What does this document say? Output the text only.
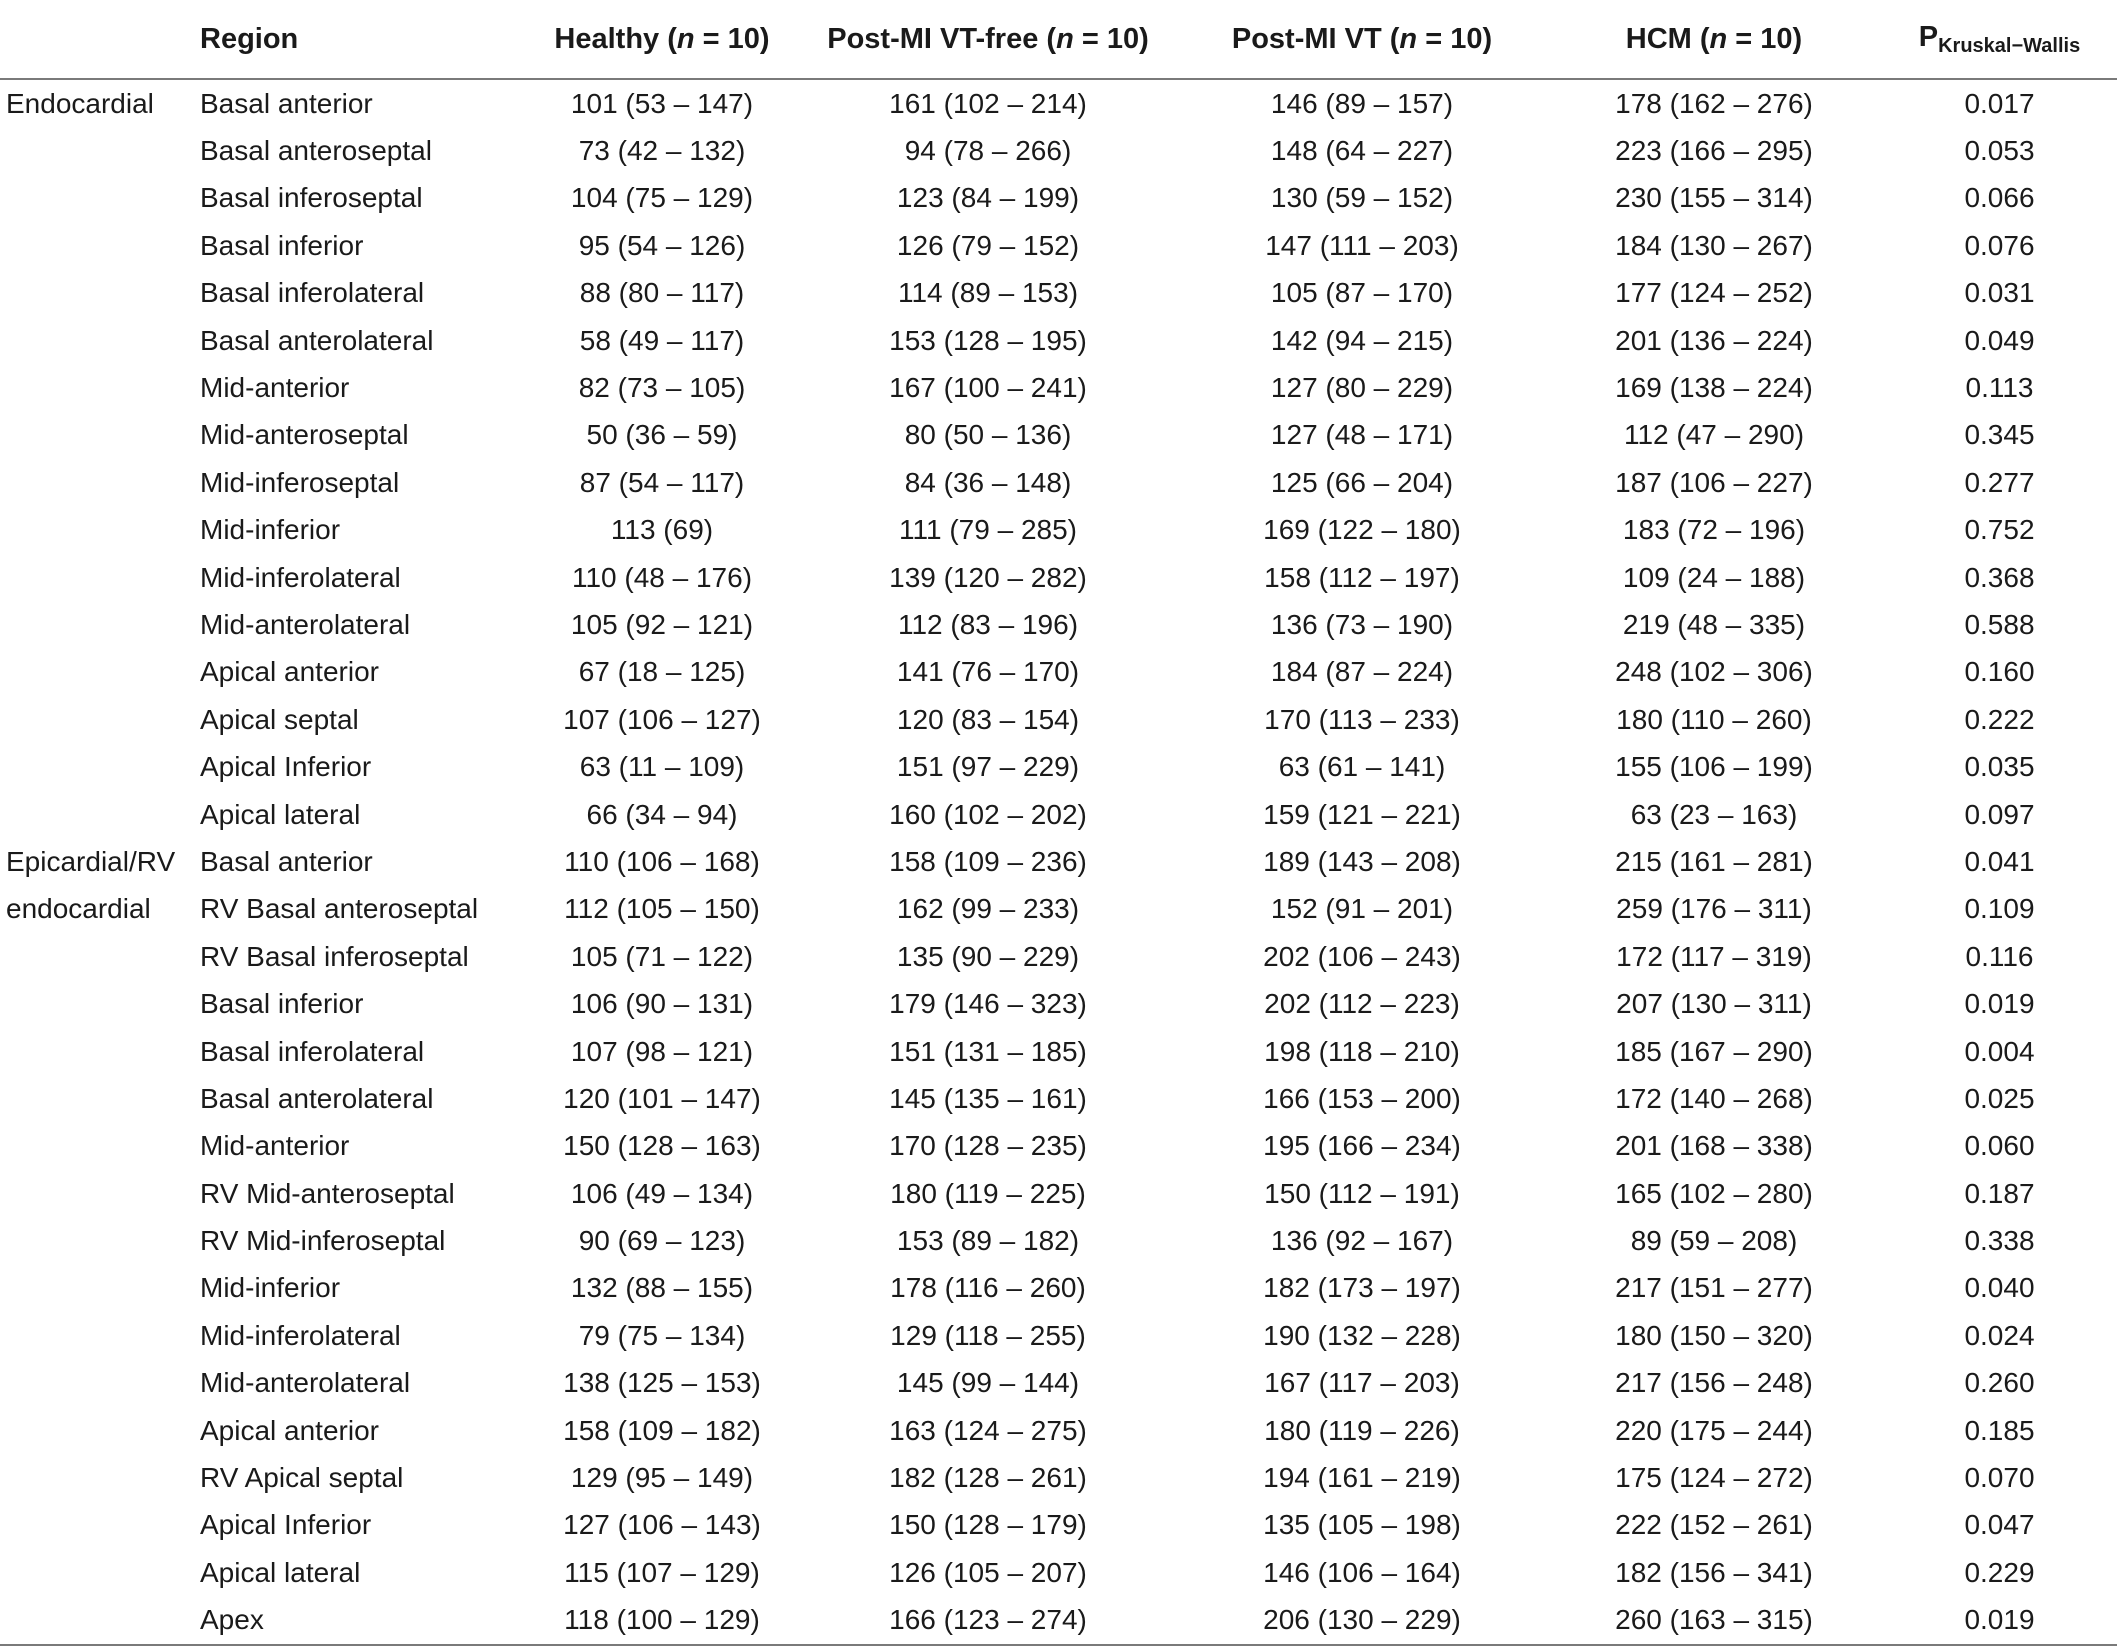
	Region	Healthy (n = 10)	Post-MI VT-free (n = 10)	Post-MI VT (n = 10)	HCM (n = 10)	$P_{Kruskal-Wallis}$
Endocardial	Basal anterior	101 (53 – 147)	161 (102 – 214)	146 (89 – 157)	178 (162 – 276)	0.017
	Basal anteroseptal	73 (42 – 132)	94 (78 – 266)	148 (64 – 227)	223 (166 – 295)	0.053
	Basal inferoseptal	104 (75 – 129)	123 (84 – 199)	130 (59 – 152)	230 (155 – 314)	0.066
	Basal inferior	95 (54 – 126)	126 (79 – 152)	147 (111 – 203)	184 (130 – 267)	0.076
	Basal inferolateral	88 (80 – 117)	114 (89 – 153)	105 (87 – 170)	177 (124 – 252)	0.031
	Basal anterolateral	58 (49 – 117)	153 (128 – 195)	142 (94 – 215)	201 (136 – 224)	0.049
	Mid-anterior	82 (73 – 105)	167 (100 – 241)	127 (80 – 229)	169 (138 – 224)	0.113
	Mid-anteroseptal	50 (36 – 59)	80 (50 – 136)	127 (48 – 171)	112 (47 – 290)	0.345
	Mid-inferoseptal	87 (54 – 117)	84 (36 – 148)	125 (66 – 204)	187 (106 – 227)	0.277
	Mid-inferior	113 (69)	111 (79 – 285)	169 (122 – 180)	183 (72 – 196)	0.752
	Mid-inferolateral	110 (48 – 176)	139 (120 – 282)	158 (112 – 197)	109 (24 – 188)	0.368
	Mid-anterolateral	105 (92 – 121)	112 (83 – 196)	136 (73 – 190)	219 (48 – 335)	0.588
	Apical anterior	67 (18 – 125)	141 (76 – 170)	184 (87 – 224)	248 (102 – 306)	0.160
	Apical septal	107 (106 – 127)	120 (83 – 154)	170 (113 – 233)	180 (110 – 260)	0.222
	Apical Inferior	63 (11 – 109)	151 (97 – 229)	63 (61 – 141)	155 (106 – 199)	0.035
	Apical lateral	66 (34 – 94)	160 (102 – 202)	159 (121 – 221)	63 (23 – 163)	0.097
Epicardial/RV	Basal anterior	110 (106 – 168)	158 (109 – 236)	189 (143 – 208)	215 (161 – 281)	0.041
endocardial	RV Basal anteroseptal	112 (105 – 150)	162 (99 – 233)	152 (91 – 201)	259 (176 – 311)	0.109
	RV Basal inferoseptal	105 (71 – 122)	135 (90 – 229)	202 (106 – 243)	172 (117 – 319)	0.116
	Basal inferior	106 (90 – 131)	179 (146 – 323)	202 (112 – 223)	207 (130 – 311)	0.019
	Basal inferolateral	107 (98 – 121)	151 (131 – 185)	198 (118 – 210)	185 (167 – 290)	0.004
	Basal anterolateral	120 (101 – 147)	145 (135 – 161)	166 (153 – 200)	172 (140 – 268)	0.025
	Mid-anterior	150 (128 – 163)	170 (128 – 235)	195 (166 – 234)	201 (168 – 338)	0.060
	RV Mid-anteroseptal	106 (49 – 134)	180 (119 – 225)	150 (112 – 191)	165 (102 – 280)	0.187
	RV Mid-inferoseptal	90 (69 – 123)	153 (89 – 182)	136 (92 – 167)	89 (59 – 208)	0.338
	Mid-inferior	132 (88 – 155)	178 (116 – 260)	182 (173 – 197)	217 (151 – 277)	0.040
	Mid-inferolateral	79 (75 – 134)	129 (118 – 255)	190 (132 – 228)	180 (150 – 320)	0.024
	Mid-anterolateral	138 (125 – 153)	145 (99 – 144)	167 (117 – 203)	217 (156 – 248)	0.260
	Apical anterior	158 (109 – 182)	163 (124 – 275)	180 (119 – 226)	220 (175 – 244)	0.185
	RV Apical septal	129 (95 – 149)	182 (128 – 261)	194 (161 – 219)	175 (124 – 272)	0.070
	Apical Inferior	127 (106 – 143)	150 (128 – 179)	135 (105 – 198)	222 (152 – 261)	0.047
	Apical lateral	115 (107 – 129)	126 (105 – 207)	146 (106 – 164)	182 (156 – 341)	0.229
	Apex	118 (100 – 129)	166 (123 – 274)	206 (130 – 229)	260 (163 – 315)	0.019
